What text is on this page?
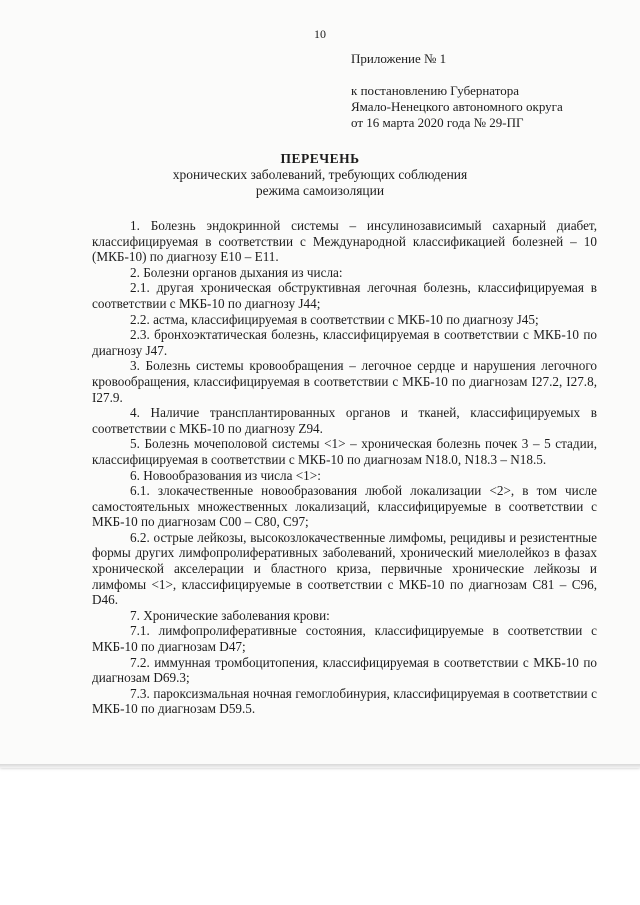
10
Приложение № 1
к постановлению Губернатора
Ямало-Ненецкого автономного округа
от 16 марта 2020 года № 29-ПГ
ПЕРЕЧЕНЬ
хронических заболеваний, требующих соблюдения
режима самоизоляции

1. Болезнь эндокринной системы – инсулинозависимый сахарный диабет, классифицируемая в соответствии с Международной классификацией болезней – 10 (МКБ-10) по диагнозу Е10 – Е11.

2. Болезни органов дыхания из числа:

2.1. другая хроническая обструктивная легочная болезнь, классифицируемая в соответствии с МКБ-10 по диагнозу J44;

2.2. астма, классифицируемая в соответствии с МКБ-10 по диагнозу J45;

2.3. бронхоэктатическая болезнь, классифицируемая в соответствии с МКБ-10 по диагнозу J47.

3. Болезнь системы кровообращения – легочное сердце и нарушения легочного кровообращения, классифицируемая в соответствии с МКБ-10 по диагнозам I27.2, I27.8, I27.9.

4. Наличие трансплантированных органов и тканей, классифицируемых в соответствии с МКБ-10 по диагнозу Z94.

5. Болезнь мочеполовой системы <1> – хроническая болезнь почек 3 – 5 стадии, классифицируемая в соответствии с МКБ-10 по диагнозам N18.0, N18.3 – N18.5.

6. Новообразования из числа <1>:

6.1. злокачественные новообразования любой локализации <2>, в том числе самостоятельных множественных локализаций, классифицируемые в соответствии с МКБ-10 по диагнозам С00 – С80, С97;

6.2. острые лейкозы, высокозлокачественные лимфомы, рецидивы и резистентные формы других лимфопролиферативных заболеваний, хронический миелолейкоз в фазах хронической акселерации и бластного криза, первичные хронические лейкозы и лимфомы <1>, классифицируемые в соответствии с МКБ-10 по диагнозам С81 – С96, D46.

7. Хронические заболевания крови:

7.1. лимфопролиферативные состояния, классифицируемые в соответствии с МКБ-10 по диагнозам D47;

7.2. иммунная тромбоцитопения, классифицируемая в соответствии с МКБ-10 по диагнозам D69.3;

7.3. пароксизмальная ночная гемоглобинурия, классифицируемая в соответствии с МКБ-10 по диагнозам D59.5.
